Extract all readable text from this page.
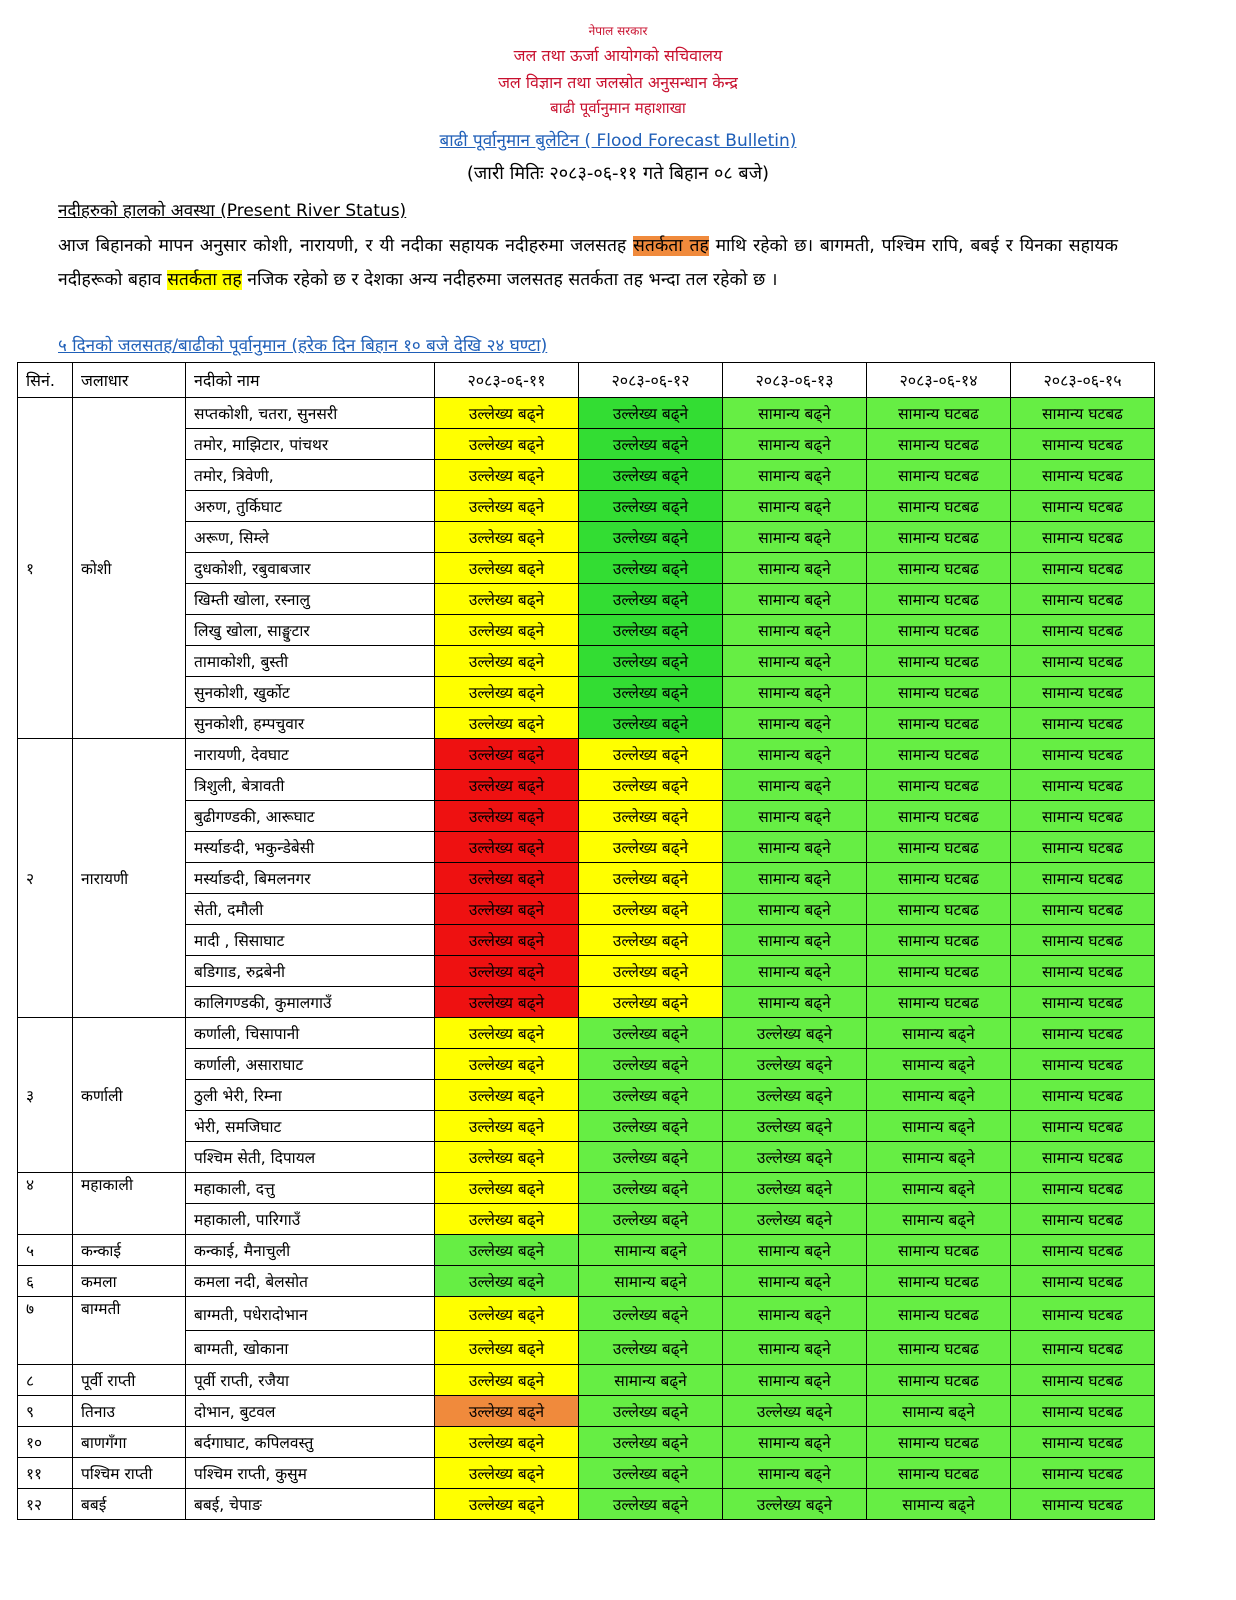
नेपाल सरकार
जल तथा ऊर्जा आयोगको सचिवालय
जल विज्ञान तथा जलस्रोत अनुसन्धान केन्द्र
बाढी पूर्वानुमान महाशाखा
बाढी पूर्वानुमान बुलेटिन ( Flood Forecast Bulletin)
(जारी मितिः २०८३-०६-११ गते बिहान ०८ बजे)
नदीहरुको हालको अवस्था (Present River Status)
आज बिहानको मापन अनुसार कोशी, नारायणी, र यी नदीका सहायक नदीहरुमा जलसतह सतर्कता तह माथि रहेको छ। बागमती, पश्चिम रापि, बबई र यिनका सहायक नदीहरूको बहाव सतर्कता तह नजिक रहेको छ र देशका अन्य नदीहरुमा जलसतह सतर्कता तह भन्दा तल रहेको छ ।
५ दिनको जलसतह/बाढीको पूर्वानुमान (हरेक दिन बिहान १० बजे देखि २४ घण्टा)
सिनं.	जलाधार	नदीको नाम	२०८३-०६-११	२०८३-०६-१२	२०८३-०६-१३	२०८३-०६-१४	२०८३-०६-१५
१	कोशी	सप्तकोशी, चतरा, सुनसरी	उल्लेख्य बढ्ने	उल्लेख्य बढ्ने	सामान्य बढ्ने	सामान्य घटबढ	सामान्य घटबढ
		तमोर, माझिटार, पांचथर	उल्लेख्य बढ्ने	उल्लेख्य बढ्ने	सामान्य बढ्ने	सामान्य घटबढ	सामान्य घटबढ
		तमोर, त्रिवेणी,	उल्लेख्य बढ्ने	उल्लेख्य बढ्ने	सामान्य बढ्ने	सामान्य घटबढ	सामान्य घटबढ
		अरुण, तुर्किघाट	उल्लेख्य बढ्ने	उल्लेख्य बढ्ने	सामान्य बढ्ने	सामान्य घटबढ	सामान्य घटबढ
		अरूण, सिम्ले	उल्लेख्य बढ्ने	उल्लेख्य बढ्ने	सामान्य बढ्ने	सामान्य घटबढ	सामान्य घटबढ
		दुधकोशी, रबुवाबजार	उल्लेख्य बढ्ने	उल्लेख्य बढ्ने	सामान्य बढ्ने	सामान्य घटबढ	सामान्य घटबढ
		खिम्ती खोला, रस्नालु	उल्लेख्य बढ्ने	उल्लेख्य बढ्ने	सामान्य बढ्ने	सामान्य घटबढ	सामान्य घटबढ
		लिखु खोला, साङ्घुटार	उल्लेख्य बढ्ने	उल्लेख्य बढ्ने	सामान्य बढ्ने	सामान्य घटबढ	सामान्य घटबढ
		तामाकोशी, बुस्ती	उल्लेख्य बढ्ने	उल्लेख्य बढ्ने	सामान्य बढ्ने	सामान्य घटबढ	सामान्य घटबढ
		सुनकोशी, खुर्कोट	उल्लेख्य बढ्ने	उल्लेख्य बढ्ने	सामान्य बढ्ने	सामान्य घटबढ	सामान्य घटबढ
		सुनकोशी, हम्पचुवार	उल्लेख्य बढ्ने	उल्लेख्य बढ्ने	सामान्य बढ्ने	सामान्य घटबढ	सामान्य घटबढ
२	नारायणी	नारायणी, देवघाट	उल्लेख्य बढ्ने	उल्लेख्य बढ्ने	सामान्य बढ्ने	सामान्य घटबढ	सामान्य घटबढ
		त्रिशुली, बेत्रावती	उल्लेख्य बढ्ने	उल्लेख्य बढ्ने	सामान्य बढ्ने	सामान्य घटबढ	सामान्य घटबढ
		बुढीगण्डकी, आरूघाट	उल्लेख्य बढ्ने	उल्लेख्य बढ्ने	सामान्य बढ्ने	सामान्य घटबढ	सामान्य घटबढ
		मर्स्याङदी, भकुन्डेबेसी	उल्लेख्य बढ्ने	उल्लेख्य बढ्ने	सामान्य बढ्ने	सामान्य घटबढ	सामान्य घटबढ
		मर्स्याङदी, बिमलनगर	उल्लेख्य बढ्ने	उल्लेख्य बढ्ने	सामान्य बढ्ने	सामान्य घटबढ	सामान्य घटबढ
		सेती, दमौली	उल्लेख्य बढ्ने	उल्लेख्य बढ्ने	सामान्य बढ्ने	सामान्य घटबढ	सामान्य घटबढ
		मादी , सिसाघाट	उल्लेख्य बढ्ने	उल्लेख्य बढ्ने	सामान्य बढ्ने	सामान्य घटबढ	सामान्य घटबढ
		बडिगाड, रुद्रबेनी	उल्लेख्य बढ्ने	उल्लेख्य बढ्ने	सामान्य बढ्ने	सामान्य घटबढ	सामान्य घटबढ
		कालिगण्डकी, कुमालगाउँ	उल्लेख्य बढ्ने	उल्लेख्य बढ्ने	सामान्य बढ्ने	सामान्य घटबढ	सामान्य घटबढ
३	कर्णाली	कर्णाली, चिसापानी	उल्लेख्य बढ्ने	उल्लेख्य बढ्ने	उल्लेख्य बढ्ने	सामान्य बढ्ने	सामान्य घटबढ
		कर्णाली, असाराघाट	उल्लेख्य बढ्ने	उल्लेख्य बढ्ने	उल्लेख्य बढ्ने	सामान्य बढ्ने	सामान्य घटबढ
		ठुली भेरी, रिम्ना	उल्लेख्य बढ्ने	उल्लेख्य बढ्ने	उल्लेख्य बढ्ने	सामान्य बढ्ने	सामान्य घटबढ
		भेरी, समजिघाट	उल्लेख्य बढ्ने	उल्लेख्य बढ्ने	उल्लेख्य बढ्ने	सामान्य बढ्ने	सामान्य घटबढ
		पश्चिम सेती, दिपायल	उल्लेख्य बढ्ने	उल्लेख्य बढ्ने	उल्लेख्य बढ्ने	सामान्य बढ्ने	सामान्य घटबढ
४	महाकाली	महाकाली, दत्तु	उल्लेख्य बढ्ने	उल्लेख्य बढ्ने	उल्लेख्य बढ्ने	सामान्य बढ्ने	सामान्य घटबढ
		महाकाली, पारिगाउँ	उल्लेख्य बढ्ने	उल्लेख्य बढ्ने	उल्लेख्य बढ्ने	सामान्य बढ्ने	सामान्य घटबढ
५	कन्काई	कन्काई, मैनाचुली	उल्लेख्य बढ्ने	सामान्य बढ्ने	सामान्य बढ्ने	सामान्य घटबढ	सामान्य घटबढ
६	कमला	कमला नदी, बेलसोत	उल्लेख्य बढ्ने	सामान्य बढ्ने	सामान्य बढ्ने	सामान्य घटबढ	सामान्य घटबढ
७	बाग्मती	बाग्मती, पधेरादोभान	उल्लेख्य बढ्ने	उल्लेख्य बढ्ने	सामान्य बढ्ने	सामान्य घटबढ	सामान्य घटबढ
		बाग्मती, खोकाना	उल्लेख्य बढ्ने	उल्लेख्य बढ्ने	सामान्य बढ्ने	सामान्य घटबढ	सामान्य घटबढ
८	पूर्वी राप्ती	पूर्वी राप्ती, रजैया	उल्लेख्य बढ्ने	सामान्य बढ्ने	सामान्य बढ्ने	सामान्य घटबढ	सामान्य घटबढ
९	तिनाउ	दोभान, बुटवल	उल्लेख्य बढ्ने	उल्लेख्य बढ्ने	उल्लेख्य बढ्ने	सामान्य बढ्ने	सामान्य घटबढ
१०	बाणगँगा	बर्दगाघाट, कपिलवस्तु	उल्लेख्य बढ्ने	उल्लेख्य बढ्ने	सामान्य बढ्ने	सामान्य घटबढ	सामान्य घटबढ
११	पश्चिम राप्ती	पश्चिम राप्ती, कुसुम	उल्लेख्य बढ्ने	उल्लेख्य बढ्ने	सामान्य बढ्ने	सामान्य घटबढ	सामान्य घटबढ
१२	बबई	बबई, चेपाङ	उल्लेख्य बढ्ने	उल्लेख्य बढ्ने	उल्लेख्य बढ्ने	सामान्य बढ्ने	सामान्य घटबढ
